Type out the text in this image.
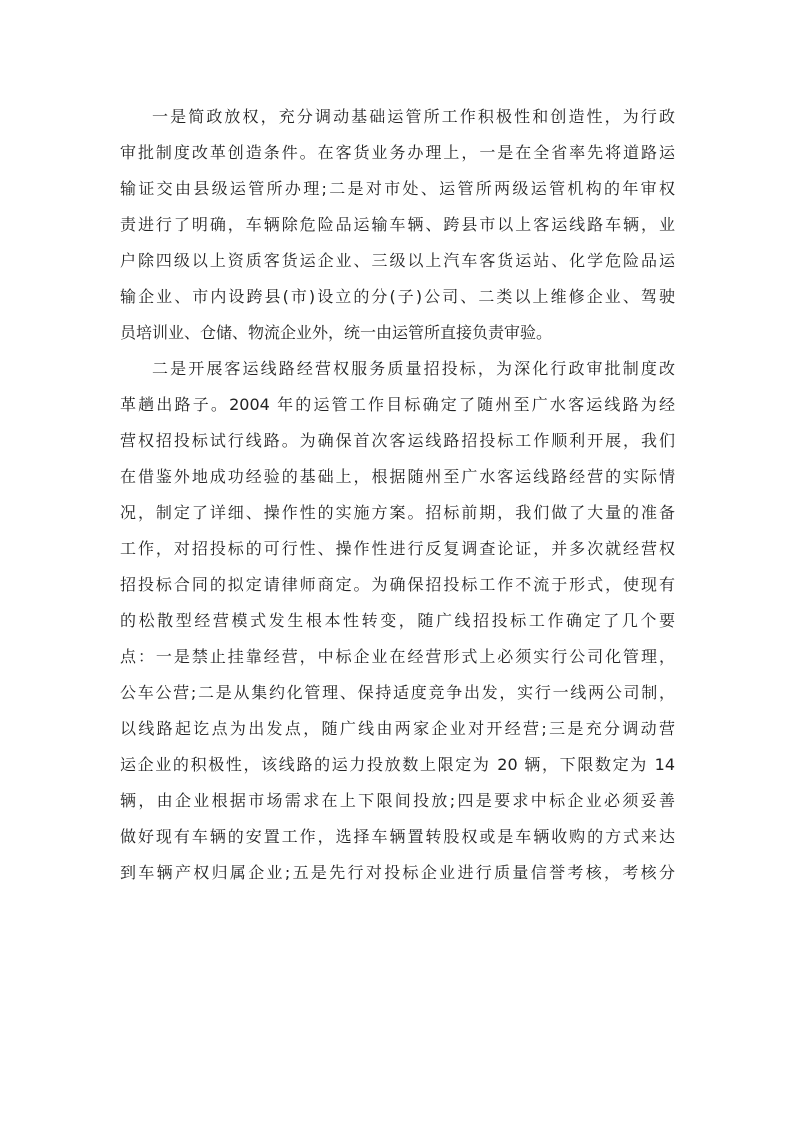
一是简政放权，充分调动基础运管所工作积极性和创造性，为行政
审批制度改革创造条件。在客货业务办理上，一是在全省率先将道路运
输证交由县级运管所办理;二是对市处、运管所两级运管机构的年审权
责进行了明确，车辆除危险品运输车辆、跨县市以上客运线路车辆，业
户除四级以上资质客货运企业、三级以上汽车客货运站、化学危险品运
输企业、市内设跨县(市)设立的分(子)公司、二类以上维修企业、驾驶
员培训业、仓储、物流企业外，统一由运管所直接负责审验。
二是开展客运线路经营权服务质量招投标，为深化行政审批制度改
革趟出路子。2004 年的运管工作目标确定了随州至广水客运线路为经
营权招投标试行线路。为确保首次客运线路招投标工作顺利开展，我们
在借鉴外地成功经验的基础上，根据随州至广水客运线路经营的实际情
况，制定了详细、操作性的实施方案。招标前期，我们做了大量的准备
工作，对招投标的可行性、操作性进行反复调查论证，并多次就经营权
招投标合同的拟定请律师商定。为确保招投标工作不流于形式，使现有
的松散型经营模式发生根本性转变，随广线招投标工作确定了几个要
点：一是禁止挂靠经营，中标企业在经营形式上必须实行公司化管理，
公车公营;二是从集约化管理、保持适度竞争出发，实行一线两公司制，
以线路起讫点为出发点，随广线由两家企业对开经营;三是充分调动营
运企业的积极性，该线路的运力投放数上限定为 20 辆，下限数定为 14
辆，由企业根据市场需求在上下限间投放;四是要求中标企业必须妥善
做好现有车辆的安置工作，选择车辆置转股权或是车辆收购的方式来达
到车辆产权归属企业;五是先行对投标企业进行质量信誉考核，考核分
